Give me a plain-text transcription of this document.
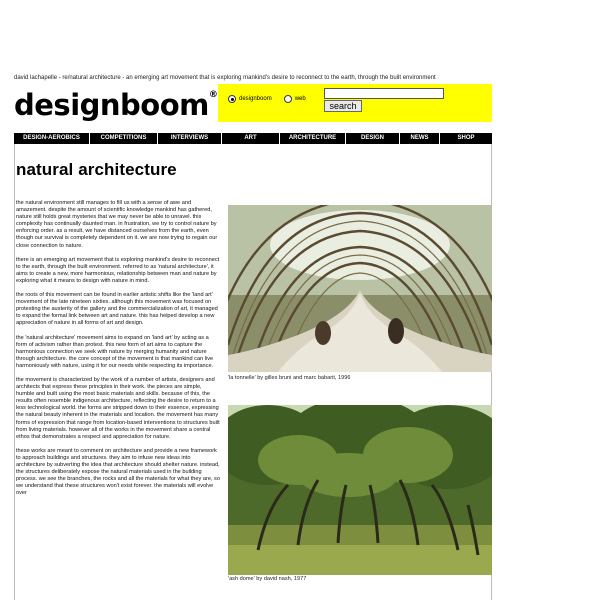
david lachapelle - re/natural architecture - an emerging art movement that is exploring mankind's desire to reconnect to the earth, through the built environment
designboom®	designboom	web
search
DESIGN-AEROBICS	COMPETITIONS	INTERVIEWS	ART	ARCHITECTURE	DESIGN	NEWS	SHOP
natural architecture

the natural environment still manages to fill us with a sense of awe and amazement. despite the amount of scientific knowledge mankind has gathered, nature still holds great mysteries that we may never be able to unravel. this complexity has continually daunted man. in frustration, we try to control nature by enforcing order. as a result, we have distanced ourselves from the earth, even though our survival is completely dependent on it. we are now trying to regain our close connection to nature.

there is an emerging art movement that is exploring mankind's desire to reconnect to the earth, through the built environment. referred to as 'natural architecture', it aims to create a new, more harmonious, relationship between man and nature by exploring what it means to design with nature in mind.

the roots of this movement can be found in earlier artistic shifts like the 'land art' movement of the late nineteen sixties. although this movement was focused on protesting the austerity of the gallery and the commercialization of art, it managed to expand the formal link between art and nature. this has helped develop a new appreciation of nature in all forms of art and design.

the 'natural architecture' movement aims to expand on 'land art' by acting as a form of activism rather than protest. this new form of art aims to capture the harmonious connection we seek with nature by merging humanity and nature through architecture. the core concept of the movement is that mankind can live harmoniously with nature, using it for our needs while respecting its importance.

the movement is characterized by the work of a number of artists, designers and architects that express these principles in their work. the pieces are simple, humble and built using the most basic materials and skills. because of this, the results often resemble indigenous architecture, reflecting the desire to return to a less technological world. the forms are stripped down to their essence, expressing the natural beauty inherent in the materials and location. the movement has many forms of expression that range from location-based interventions to structures built from living materials. however all of the works in the movement share a central ethos that demonstrates a respect and appreciation for nature.

these works are meant to comment on architecture and provide a new framework to approach buildings and structures. they aim to infuse new ideas into architecture by subverting the idea that architecture should shelter nature. instead, the structures deliberately expose the natural materials used in the building process. we see the branches, the rocks and all the materials for what they are, so we understand that these structures won't exist forever. the materials will evolve over

'la tonnelle' by gilles bruni and marc babarit, 1996
'ash dome' by david nash, 1977
